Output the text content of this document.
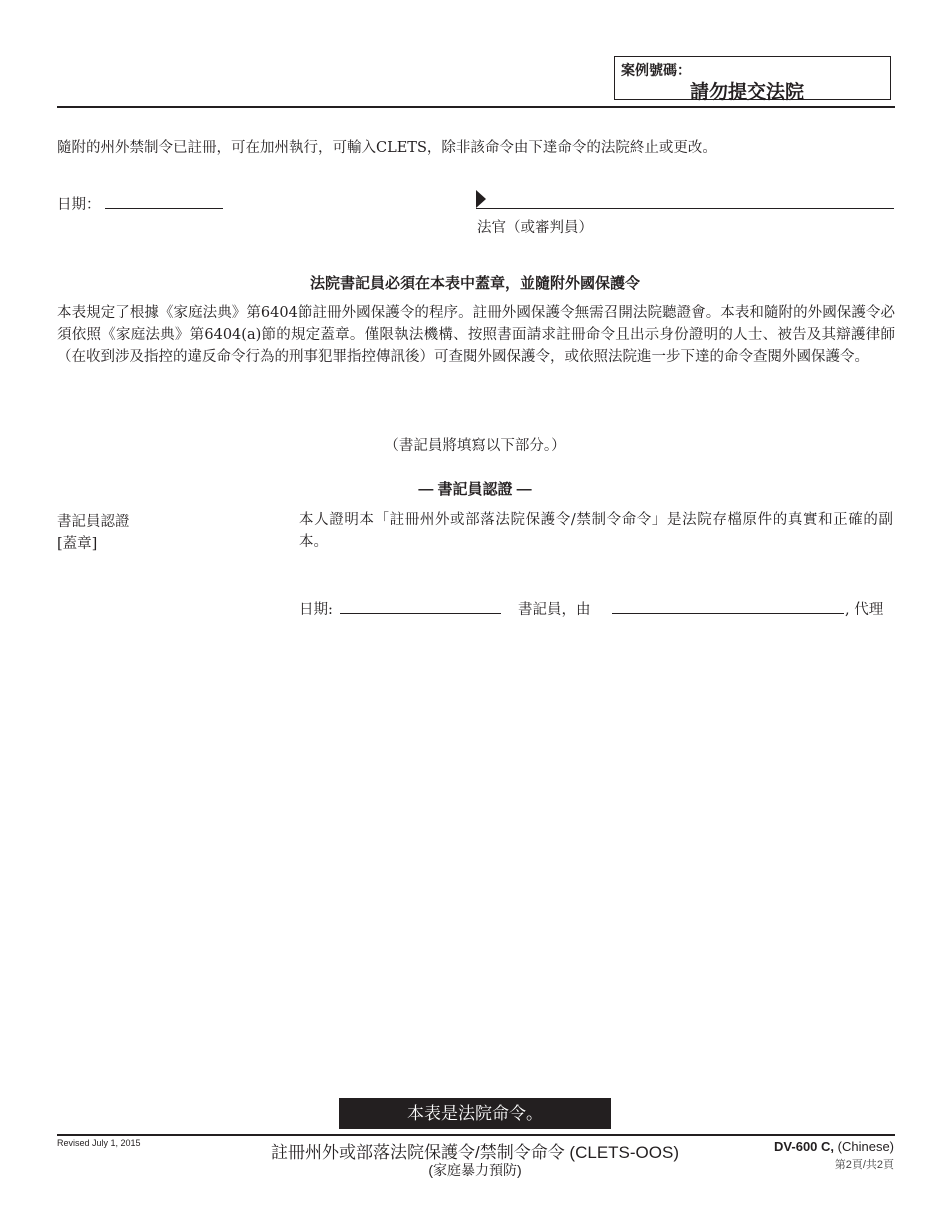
案例號碼：
請勿提交法院
隨附的州外禁制令已註冊，可在加州執行，可輸入CLETS，除非該命令由下達命令的法院終止或更改。
日期：
法官（或審判員）
法院書記員必須在本表中蓋章，並隨附外國保護令
本表規定了根據《家庭法典》第6404節註冊外國保護令的程序。註冊外國保護令無需召開法院聽證會。本表和隨附的外國保護令必須依照《家庭法典》第6404(a)節的規定蓋章。僅限執法機構、按照書面請求註冊命令且出示身份證明的人士、被告及其辯護律師（在收到涉及指控的違反命令行為的刑事犯罪指控傳訊後）可查閱外國保護令，或依照法院進一步下達的命令查閱外國保護令。
（書記員將填寫以下部分。）
— 書記員認證 —
書記員認證
[蓋章]
本人證明本「註冊州外或部落法院保護令/禁制令命令」是法院存檔原件的真實和正確的副本。
日期:	書記員，由	, 代理
本表是法院命令。
Revised July 1, 2015	註冊州外或部落法院保護令/禁制令命令 (CLETS-OOS)
(家庭暴力預防)
DV-600 C, (Chinese)
第2頁/共2頁
